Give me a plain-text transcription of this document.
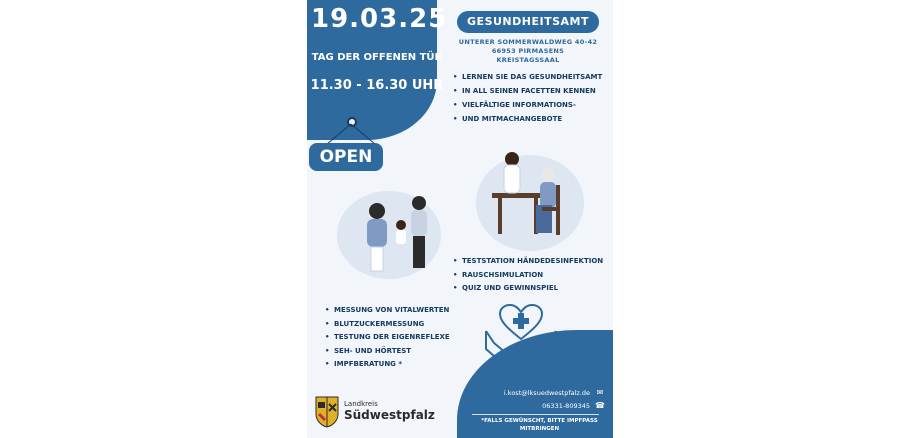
19.03.25
TAG DER OFFENEN TÜR
11.30 - 16.30 UHR
OPEN
GESUNDHEITSAMT
UNTERER SOMMERWALDWEG 40-42
66953 PIRMASENS
KREISTAGSSAAL
• LERNEN SIE DAS GESUNDHEITSAMT
• IN ALL SEINEN FACETTEN KENNEN
• VIELFÄLTIGE INFORMATIONS-
• UND MITMACHANGEBOTE
• TESTSTATION HÄNDEDESINFEKTION
• RAUSCHSIMULATION
• QUIZ UND GEWINNSPIEL
• MESSUNG VON VITALWERTEN
• BLUTZUCKERMESSUNG
• TESTUNG DER EIGENREFLEXE
• SEH- UND HÖRTEST
• IMPFBERATUNG *
i.kost@lksuedwestpfalz.de ✉
06331-809345 ☎
*FALLS GEWÜNSCHT, BITTE IMPFPASS
MITBRINGEN
Landkreis
Südwestpfalz
